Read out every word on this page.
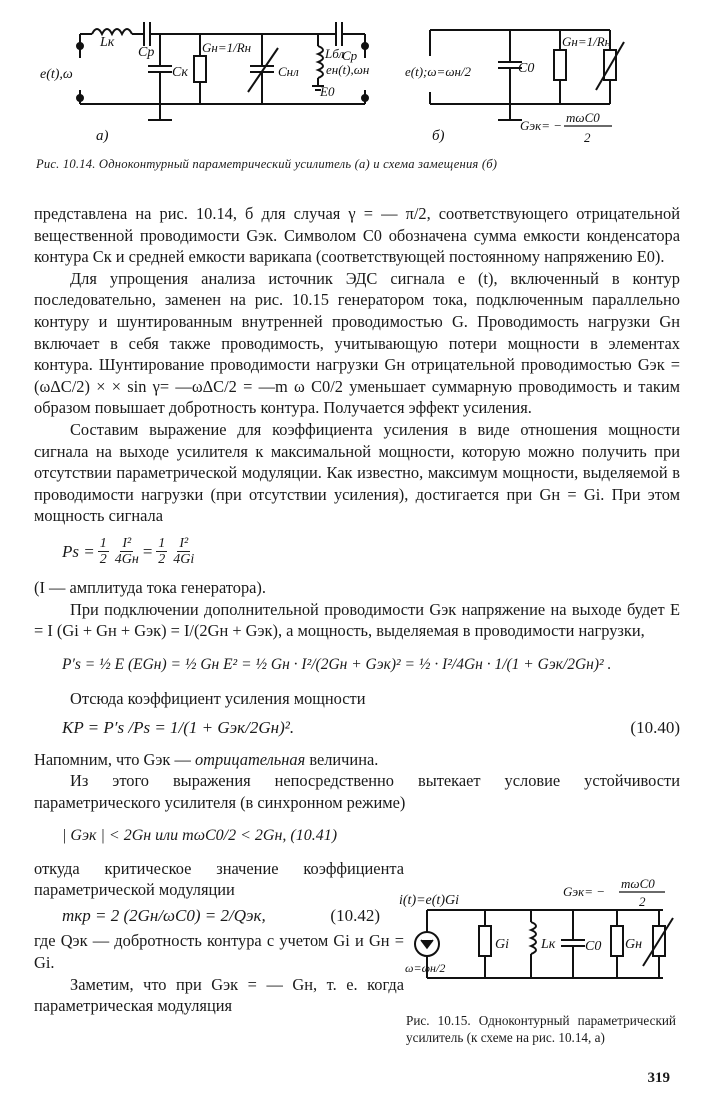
Lк
Cр
e(t),ω	Cк
Gн=1/Rн
Cнл
Lбл
E0
Cр
eн(t),ωн
а)
e(t);ω=ωн/2	C0
Gн=1/Rн
Gэк= −
mωC0
2
б)
Рис. 10.14. Одноконтурный параметрический усилитель (а) и схема замещения (б)

представлена на рис. 10.14, б для случая γ = — π/2, соответствующего отрицательной вещественной проводимости Gэк. Символом C0 обозначена сумма емкости конденсатора контура Cк и средней емкости варикапа (соответствующей постоянному напряжению E0).

Для упрощения анализа источник ЭДС сигнала e (t), включенный в контур последовательно, заменен на рис. 10.15 генератором тока, подключенным параллельно контуру и шунтированным внутренней проводимостью G. Проводимость нагрузки Gн включает в себя также проводимость, учитывающую потери мощности в элементах контура. Шунтирование проводимости нагрузки Gн отрицательной проводимостью Gэк = (ωΔC/2) × × sin γ= —ωΔC/2 = —m ω C0/2 уменьшает суммарную проводимость и таким образом повышает добротность контура. Получается эффект усиления.

Составим выражение для коэффициента усиления в виде отношения мощности сигнала на выходе усилителя к максимальной мощности, которую можно получить при отсутствии параметрической модуляции. Как известно, максимум мощности, выделяемой в проводимости нагрузки (при отсутствии усиления), достигается при Gн = Gi. При этом мощность сигнала

$Ps = \frac{1}{2} I^2$
$4Gн = \frac{1}{2} \frac{\text{I²}}{4Gi}$

(I — амплитуда тока генератора).

При подключении дополнительной проводимости Gэк напряжение на выходе будет E = I (Gi + Gн + Gэк) = I/(2Gн + Gэк), а мощность, выделяемая в проводимости нагрузки,

P′s = ½ E (EGн) = ½ Gн E² = ½ Gн · I²/(2Gн + Gэк)² = ½ · I²/4Gн · 1/(1 + Gэк/2Gн)² .

Отсюда коэффициент усиления мощности

KP = P′s /Ps = 1/(1 + Gэк/2Gн)².	(10.40)

Напомним, что Gэк — отрицательная величина.

Из этого выражения непосредственно вытекает условие устойчивости параметрического усилителя (в синхронном режиме)

| Gэк | < 2Gн или mωC0/2 < 2Gн, (10.41)

откуда критическое значение коэффициента параметрической модуляции

mкр = 2 (2Gн/ωC0) = 2/Qэк,	(10.42)

где Qэк — добротность контура с учетом Gi и Gн = Gi.

Заметим, что при Gэк = — Gн, т. е. когда параметрическая модуляция

i(t)=e(t)Gi
Gэк= −
mωC0
2
Gi Lк C0 Gн
ω=ωн/2
Рис. 10.15. Одноконтурный параметрический усилитель (к схеме на рис. 10.14, а)
319
